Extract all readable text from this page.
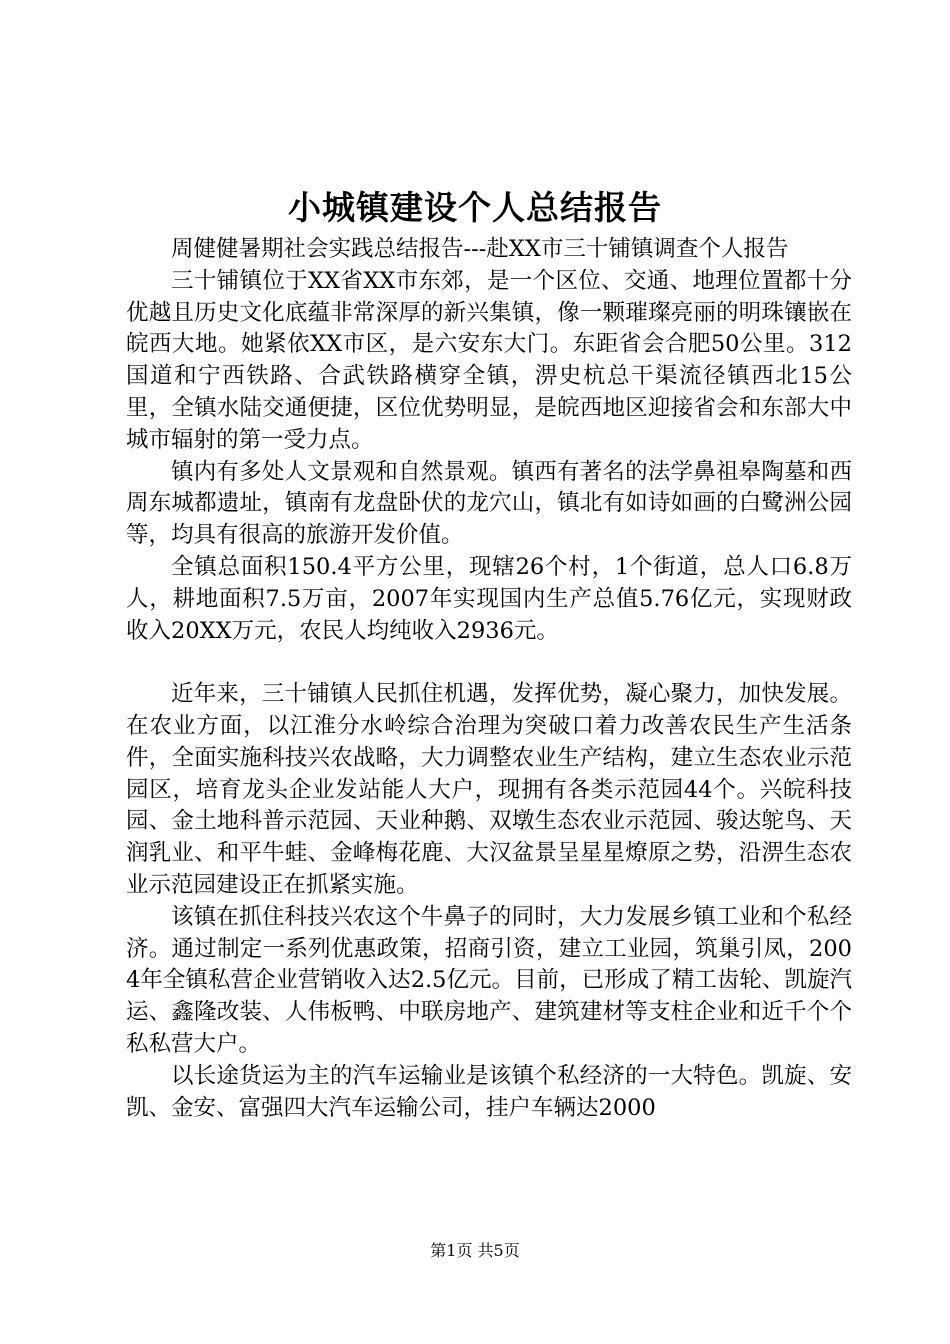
小城镇建设个人总结报告

周健健暑期社会实践总结报告---赴XX市三十铺镇调查个人报告

三十铺镇位于XX省XX市东郊，是一个区位、交通、地理位置都十分优越且历史文化底蕴非常深厚的新兴集镇，像一颗璀璨亮丽的明珠镶嵌在皖西大地。她紧依XX市区，是六安东大门。东距省会合肥50公里。312国道和宁西铁路、合武铁路横穿全镇，淠史杭总干渠流径镇西北15公里，全镇水陆交通便捷，区位优势明显，是皖西地区迎接省会和东部大中城市辐射的第一受力点。

镇内有多处人文景观和自然景观。镇西有著名的法学鼻祖皋陶墓和西周东城都遗址，镇南有龙盘卧伏的龙穴山，镇北有如诗如画的白鹭洲公园等，均具有很高的旅游开发价值。

全镇总面积150.4平方公里，现辖26个村，1个街道，总人口6.8万人，耕地面积7.5万亩，2007年实现国内生产总值5.76亿元，实现财政收入20XX万元，农民人均纯收入2936元。

近年来，三十铺镇人民抓住机遇，发挥优势，凝心聚力，加快发展。在农业方面，以江淮分水岭综合治理为突破口着力改善农民生产生活条件，全面实施科技兴农战略，大力调整农业生产结构，建立生态农业示范园区，培育龙头企业发站能人大户，现拥有各类示范园44个。兴皖科技园、金土地科普示范园、天业种鹅、双墩生态农业示范园、骏达鸵鸟、天润乳业、和平牛蛙、金峰梅花鹿、大汉盆景呈星星燎原之势，沿淠生态农业示范园建设正在抓紧实施。

该镇在抓住科技兴农这个牛鼻子的同时，大力发展乡镇工业和个私经济。通过制定一系列优惠政策，招商引资，建立工业园，筑巢引凤，2004年全镇私营企业营销收入达2.5亿元。目前，已形成了精工齿轮、凯旋汽运、鑫隆改装、人伟板鸭、中联房地产、建筑建材等支柱企业和近千个个私私营大户。

以长途货运为主的汽车运输业是该镇个私经济的一大特色。凯旋、安凯、金安、富强四大汽车运输公司，挂户车辆达2000

第1页 共5页
